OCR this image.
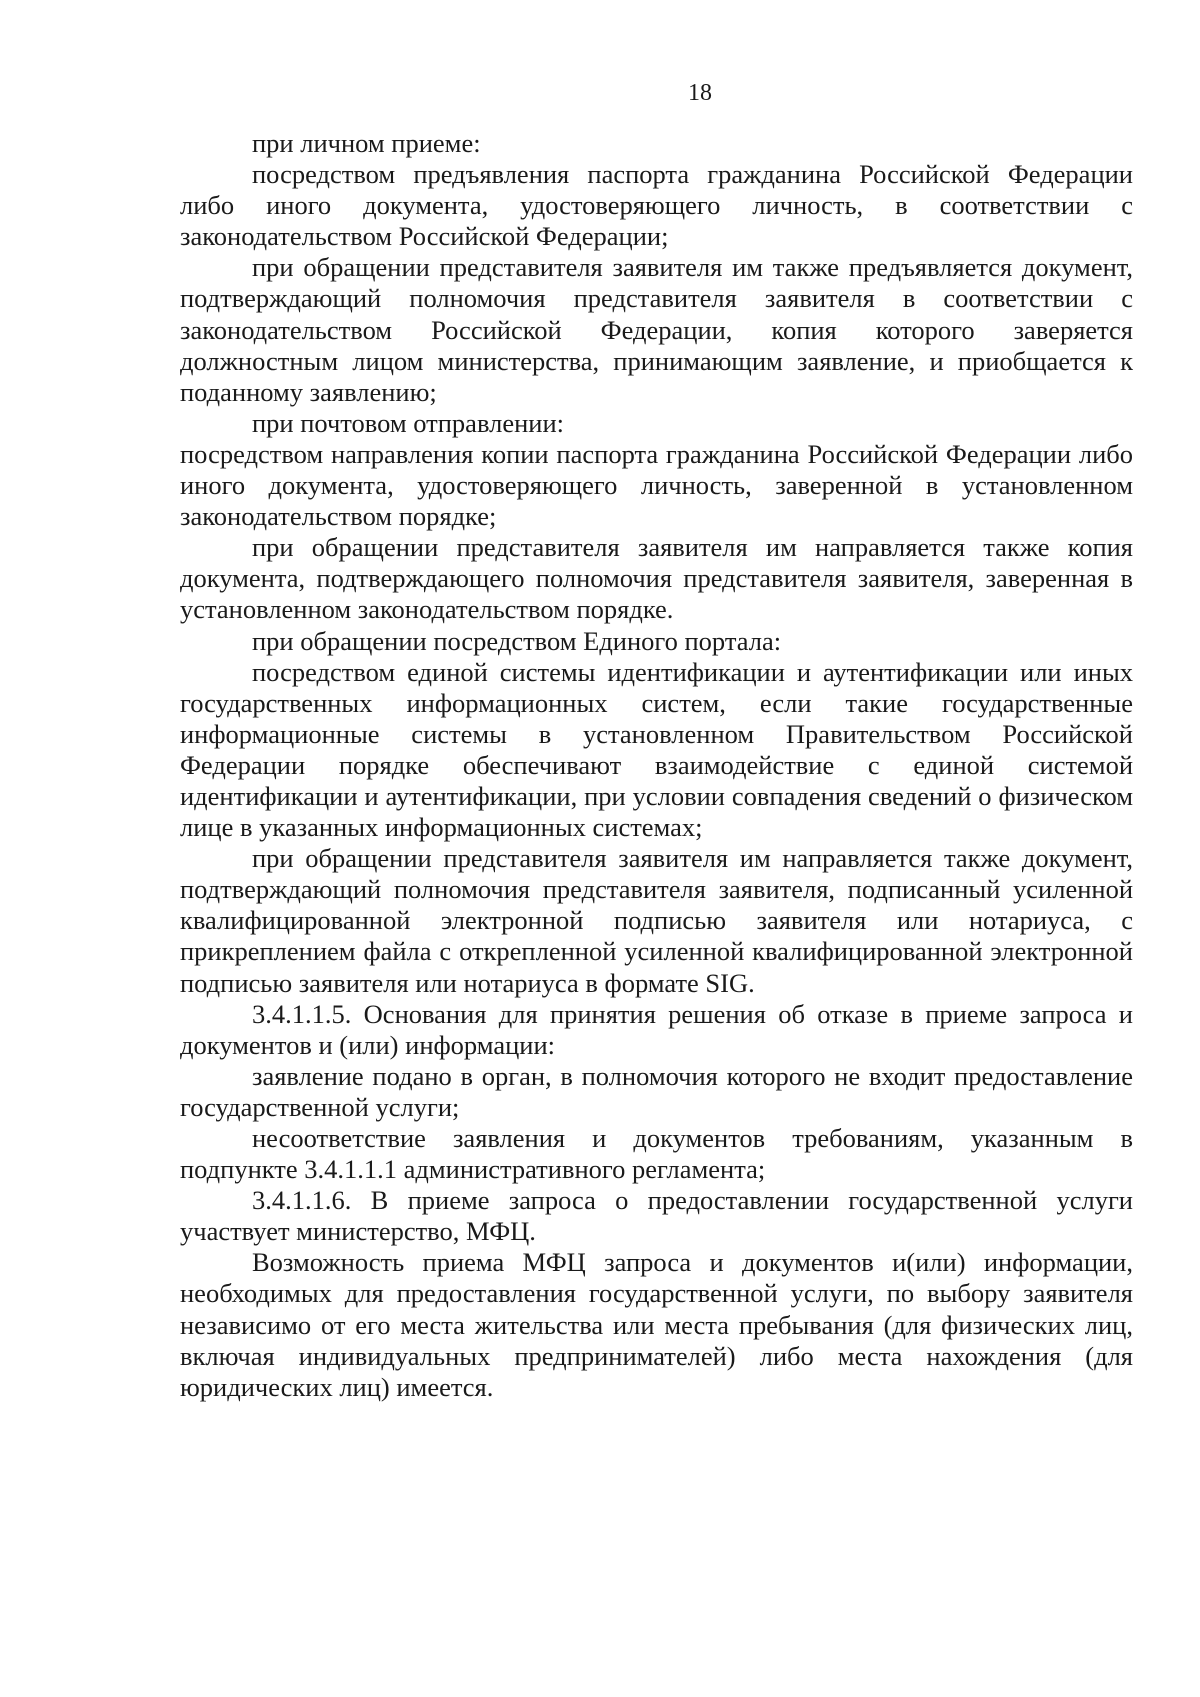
18

при личном приеме:

посредством предъявления паспорта гражданина Российской Федерации либо иного документа, удостоверяющего личность, в соответствии с законодательством Российской Федерации;

при обращении представителя заявителя им также предъявляется документ, подтверждающий полномочия представителя заявителя в соответствии с законодательством Российской Федерации, копия которого заверяется должностным лицом министерства, принимающим заявление, и приобщается к поданному заявлению;

при почтовом отправлении:

посредством направления копии паспорта гражданина Российской Федерации либо иного документа, удостоверяющего личность, заверенной в установленном законодательством порядке;

при обращении представителя заявителя им направляется также копия документа, подтверждающего полномочия представителя заявителя, заверенная в установленном законодательством порядке.

при обращении посредством Единого портала:

посредством единой системы идентификации и аутентификации или иных государственных информационных систем, если такие государственные информационные системы в установленном Правительством Российской Федерации порядке обеспечивают взаимодействие с единой системой идентификации и аутентификации, при условии совпадения сведений о физическом лице в указанных информационных системах;

при обращении представителя заявителя им направляется также документ, подтверждающий полномочия представителя заявителя, подписанный усиленной квалифицированной электронной подписью заявителя или нотариуса, с прикреплением файла с открепленной усиленной квалифицированной электронной подписью заявителя или нотариуса в формате SIG.

3.4.1.1.5. Основания для принятия решения об отказе в приеме запроса и документов и (или) информации:

заявление подано в орган, в полномочия которого не входит предоставление государственной услуги;

несоответствие заявления и документов требованиям, указанным в подпункте 3.4.1.1.1 административного регламента;

3.4.1.1.6. В приеме запроса о предоставлении государственной услуги участвует министерство, МФЦ.

Возможность приема МФЦ запроса и документов и(или) информации, необходимых для предоставления государственной услуги, по выбору заявителя независимо от его места жительства или места пребывания (для физических лиц, включая индивидуальных предпринимателей) либо места нахождения (для юридических лиц) имеется.
